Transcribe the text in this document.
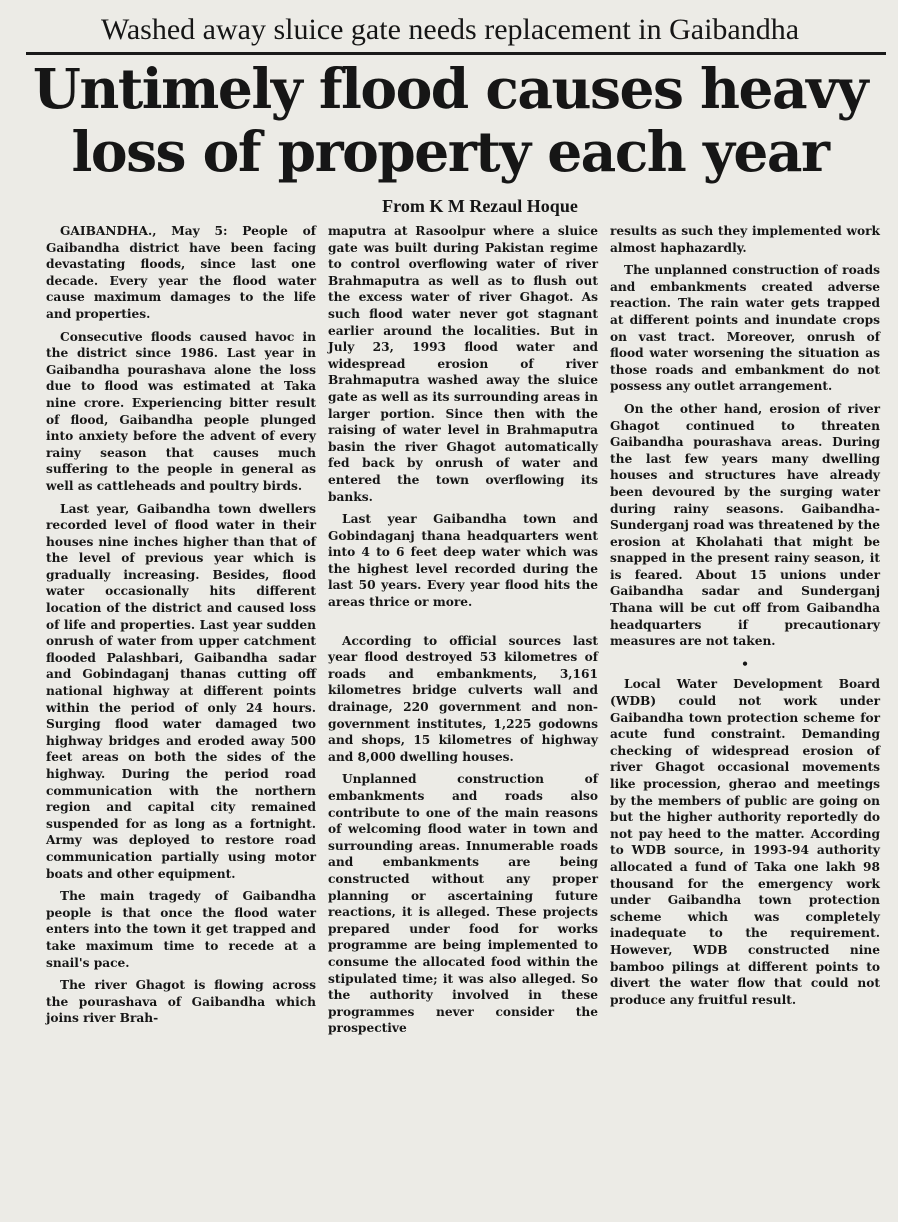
Washed away sluice gate needs replacement in Gaibandha
Untimely flood causes heavy
loss of property each year
From K M Rezaul Hoque

GAIBANDHA., May 5: People of Gaibandha district have been facing devastating floods, since last one decade. Every year the flood water cause maximum damages to the life and properties.

Consecutive floods caused havoc in the district since 1986. Last year in Gaibandha pourashava alone the loss due to flood was estimated at Taka nine crore. Experiencing bitter result of flood, Gaibandha people plunged into anxiety before the advent of every rainy season that causes much suffering to the people in general as well as cattleheads and poultry birds.

Last year, Gaibandha town dwellers recorded level of flood water in their houses nine inches higher than that of the level of previous year which is gradually increasing. Besides, flood water occasionally hits different location of the district and caused loss of life and properties. Last year sudden onrush of water from upper catchment flooded Palashbari, Gaibandha sadar and Gobindaganj thanas cutting off national highway at different points within the period of only 24 hours. Surging flood water damaged two highway bridges and eroded away 500 feet areas on both the sides of the highway. During the period road communication with the northern region and capital city remained suspended for as long as a fortnight. Army was deployed to restore road communication partially using motor boats and other equipment.

The main tragedy of Gaibandha people is that once the flood water enters into the town it get trapped and take maximum time to recede at a snail's pace.

The river Ghagot is flowing across the pourashava of Gaibandha which joins river Brah-

maputra at Rasoolpur where a sluice gate was built during Pakistan regime to control overflowing water of river Brahmaputra as well as to flush out the excess water of river Ghagot. As such flood water never got stagnant earlier around the localities. But in July 23, 1993 flood water and widespread erosion of river Brahmaputra washed away the sluice gate as well as its surrounding areas in larger portion. Since then with the raising of water level in Brahmaputra basin the river Ghagot automatically fed back by onrush of water and entered the town overflowing its banks.

Last year Gaibandha town and Gobindaganj thana headquarters went into 4 to 6 feet deep water which was the highest level recorded during the last 50 years. Every year flood hits the areas thrice or more.

According to official sources last year flood destroyed 53 kilometres of roads and embankments, 3,161 kilometres bridge culverts wall and drainage, 220 government and non-government institutes, 1,225 godowns and shops, 15 kilometres of highway and 8,000 dwelling houses.

Unplanned construction of embankments and roads also contribute to one of the main reasons of welcoming flood water in town and surrounding areas. Innumerable roads and embankments are being constructed without any proper planning or ascertaining future reactions, it is alleged. These projects prepared under food for works programme are being implemented to consume the allocated food within the stipulated time; it was also alleged. So the authority involved in these programmes never consider the prospective

results as such they implemented work almost haphazardly.

The unplanned construction of roads and embankments created adverse reaction. The rain water gets trapped at different points and inundate crops on vast tract. Moreover, onrush of flood water worsening the situation as those roads and embankment do not possess any outlet arrangement.

On the other hand, erosion of river Ghagot continued to threaten Gaibandha pourashava areas. During the last few years many dwelling houses and structures have already been devoured by the surging water during rainy seasons. Gaibandha-Sunderganj road was threatened by the erosion at Kholahati that might be snapped in the present rainy season, it is feared. About 15 unions under Gaibandha sadar and Sunderganj Thana will be cut off from Gaibandha headquarters if precautionary measures are not taken.

•

Local Water Development Board (WDB) could not work under Gaibandha town protection scheme for acute fund constraint. Demanding checking of widespread erosion of river Ghagot occasional movements like procession, gherao and meetings by the members of public are going on but the higher authority reportedly do not pay heed to the matter. According to WDB source, in 1993-94 authority allocated a fund of Taka one lakh 98 thousand for the emergency work under Gaibandha town protection scheme which was completely inadequate to the requirement. However, WDB constructed nine bamboo pilings at different points to divert the water flow that could not produce any fruitful result.
